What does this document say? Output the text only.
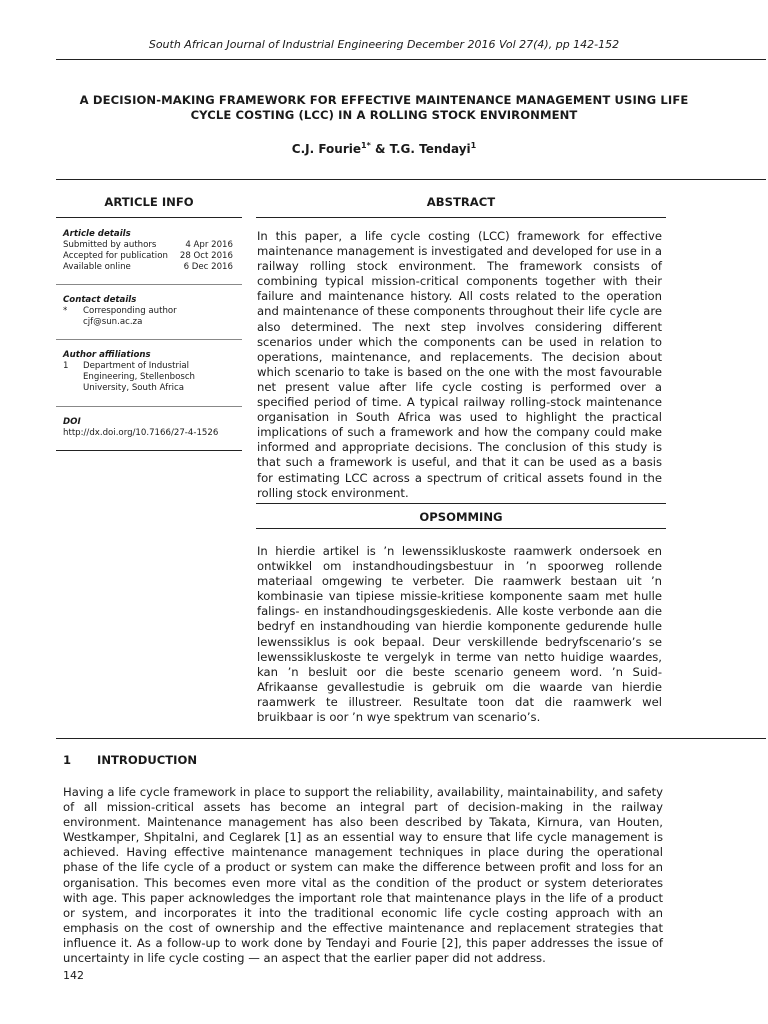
South African Journal of Industrial Engineering December 2016 Vol 27(4), pp 142-152
A DECISION-MAKING FRAMEWORK FOR EFFECTIVE MAINTENANCE MANAGEMENT USING LIFE CYCLE COSTING (LCC) IN A ROLLING STOCK ENVIRONMENT
C.J. Fourie$^{1*}$ & T.G. Tendayi$^1$
ARTICLE INFO
Article details
Submitted by authors	4 Apr 2016
Accepted for publication 28 Oct 2016
Available online	6 Dec 2016
Contact details
*	Corresponding author
cjf@sun.ac.za
Author affiliations
1	Department of Industrial
Engineering, Stellenbosch
University, South Africa
DOI
http://dx.doi.org/10.7166/27-4-1526
ABSTRACT
In this paper, a life cycle costing (LCC) framework for effective maintenance management is investigated and developed for use in a railway rolling stock environment. The framework consists of combining typical mission-critical components together with their failure and maintenance history. All costs related to the operation and maintenance of these components throughout their life cycle are also determined. The next step involves considering different scenarios under which the components can be used in relation to operations, maintenance, and replacements. The decision about which scenario to take is based on the one with the most favourable net present value after life cycle costing is performed over a specified period of time. A typical railway rolling-stock maintenance organisation in South Africa was used to highlight the practical implications of such a framework and how the company could make informed and appropriate decisions. The conclusion of this study is that such a framework is useful, and that it can be used as a basis for estimating LCC across a spectrum of critical assets found in the rolling stock environment.
OPSOMMING
In hierdie artikel is ’n lewenssikluskoste raamwerk ondersoek en ontwikkel om instandhoudingsbestuur in ’n spoorweg rollende materiaal omgewing te verbeter. Die raamwerk bestaan uit ’n kombinasie van tipiese missie-kritiese komponente saam met hulle falings- en instandhoudingsgeskiedenis. Alle koste verbonde aan die bedryf en instandhouding van hierdie komponente gedurende hulle lewenssiklus is ook bepaal. Deur verskillende bedryfscenario’s se lewenssikluskoste te vergelyk in terme van netto huidige waardes, kan ’n besluit oor die beste scenario geneem word. ’n Suid-Afrikaanse gevallestudie is gebruik om die waarde van hierdie raamwerk te illustreer. Resultate toon dat die raamwerk wel bruikbaar is oor ’n wye spektrum van scenario’s.
1 INTRODUCTION
Having a life cycle framework in place to support the reliability, availability, maintainability, and safety of all mission-critical assets has become an integral part of decision-making in the railway environment. Maintenance management has also been described by Takata, Kirnura, van Houten, Westkamper, Shpitalni, and Ceglarek [1] as an essential way to ensure that life cycle management is achieved. Having effective maintenance management techniques in place during the operational phase of the life cycle of a product or system can make the difference between profit and loss for an organisation. This becomes even more vital as the condition of the product or system deteriorates with age. This paper acknowledges the important role that maintenance plays in the life of a product or system, and incorporates it into the traditional economic life cycle costing approach with an emphasis on the cost of ownership and the effective maintenance and replacement strategies that influence it. As a follow-up to work done by Tendayi and Fourie [2], this paper addresses the issue of uncertainty in life cycle costing — an aspect that the earlier paper did not address.
142
